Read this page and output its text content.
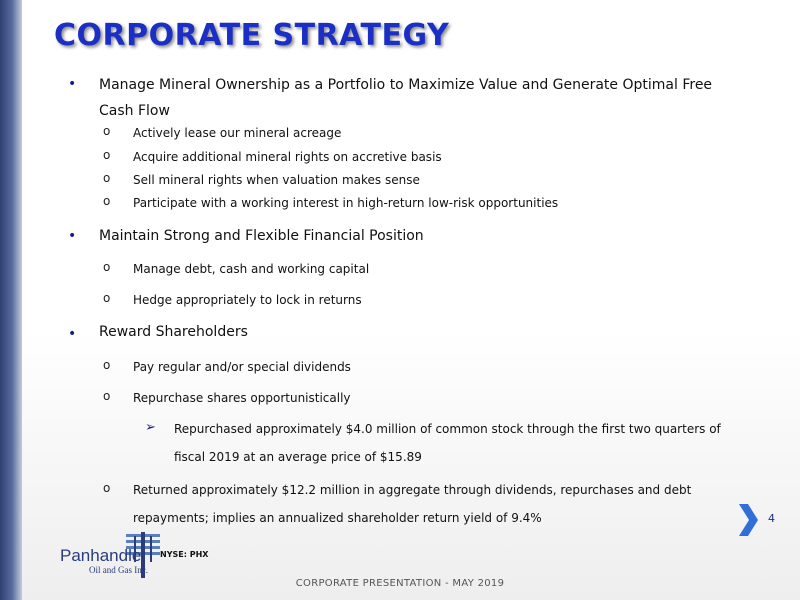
CORPORATE STRATEGY
• Manage Mineral Ownership as a Portfolio to Maximize Value and Generate Optimal Free Cash Flow
o Actively lease our mineral acreage
o Acquire additional mineral rights on accretive basis
o Sell mineral rights when valuation makes sense
o Participate with a working interest in high-return low-risk opportunities
• Maintain Strong and Flexible Financial Position
o Manage debt, cash and working capital
o Hedge appropriately to lock in returns
• Reward Shareholders
o Pay regular and/or special dividends
o Repurchase shares opportunistically
➢ Repurchased approximately $4.0 million of common stock through the first two quarters of fiscal 2019 at an average price of $15.89
o Returned approximately $12.2 million in aggregate through dividends, repurchases and debt repayments; implies an annualized shareholder return yield of 9.4%	4
Panhandle
Oil and Gas Inc.
NYSE: PHX
CORPORATE PRESENTATION - MAY 2019
